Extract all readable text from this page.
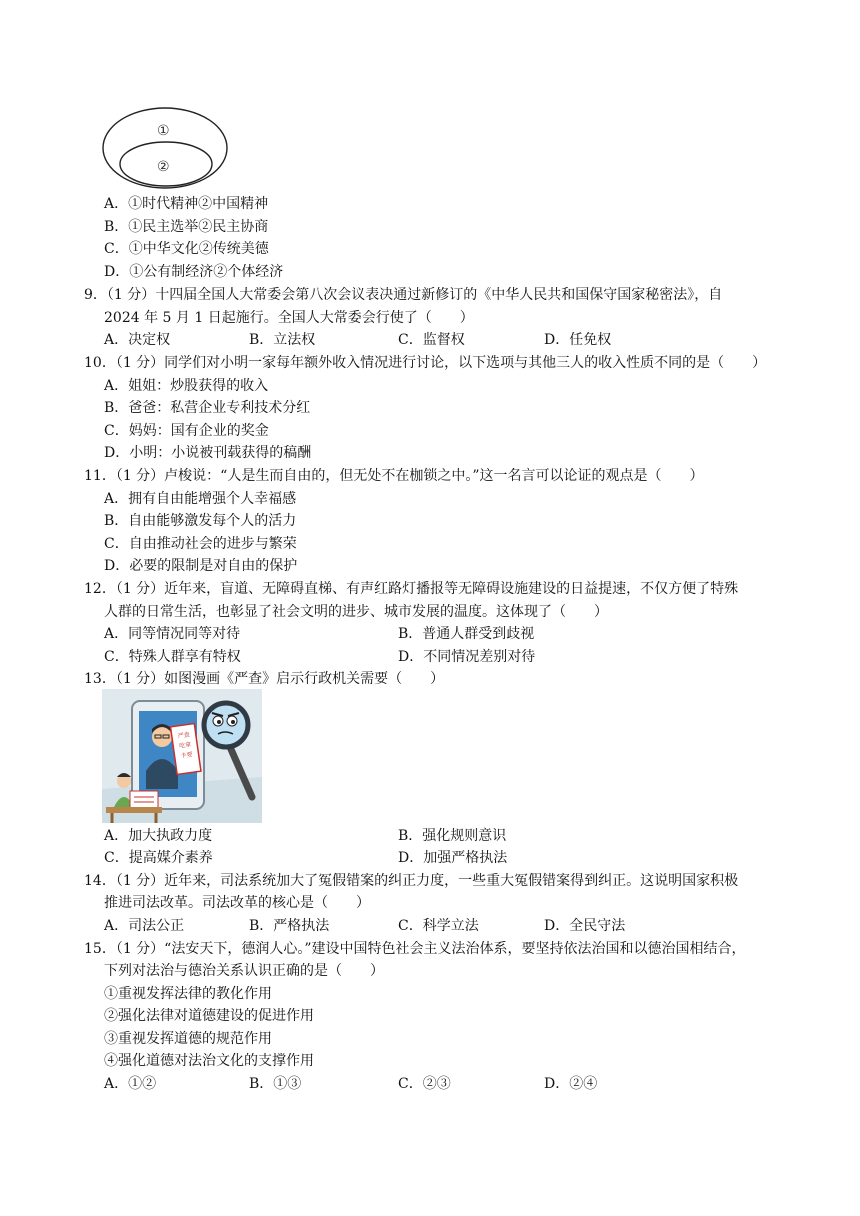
①
②
A．①时代精神②中国精神
B．①民主选举②民主协商
C．①中华文化②传统美德
D．①公有制经济②个体经济
9．（1 分）十四届全国人大常委会第八次会议表决通过新修订的《中华人民共和国保守国家秘密法》，自
2024 年 5 月 1 日起施行。全国人大常委会行使了（　　）
A．决定权	B．立法权	C．监督权	D．任免权
10．（1 分）同学们对小明一家每年额外收入情况进行讨论，以下选项与其他三人的收入性质不同的是（　　）
A．姐姐：炒股获得的收入
B．爸爸：私营企业专利技术分红
C．妈妈：国有企业的奖金
D．小明：小说被刊载获得的稿酬
11．（1 分）卢梭说：“人是生而自由的，但无处不在枷锁之中。”这一名言可以论证的观点是（　　）
A．拥有自由能增强个人幸福感
B．自由能够激发每个人的活力
C．自由推动社会的进步与繁荣
D．必要的限制是对自由的保护
12．（1 分）近年来，盲道、无障碍直梯、有声红路灯播报等无障碍设施建设的日益提速，不仅方便了特殊
人群的日常生活，也彰显了社会文明的进步、城市发展的温度。这体现了（　　）
A．同等情况同等对待	B．普通人群受到歧视
C．特殊人群享有特权	D．不同情况差别对待
13．（1 分）如图漫画《严查》启示行政机关需要（　　）
严查
吃拿
卡要
A．加大执政力度	B．强化规则意识
C．提高媒介素养	D．加强严格执法
14．（1 分）近年来，司法系统加大了冤假错案的纠正力度，一些重大冤假错案得到纠正。这说明国家积极
推进司法改革。司法改革的核心是（　　）
A．司法公正	B．严格执法	C．科学立法	D．全民守法
15．（1 分）“法安天下，德润人心。”建设中国特色社会主义法治体系，要坚持依法治国和以德治国相结合，
下列对法治与德治关系认识正确的是（　　）
①重视发挥法律的教化作用
②强化法律对道德建设的促进作用
③重视发挥道德的规范作用
④强化道德对法治文化的支撑作用
A．①②	B．①③	C．②③	D．②④
